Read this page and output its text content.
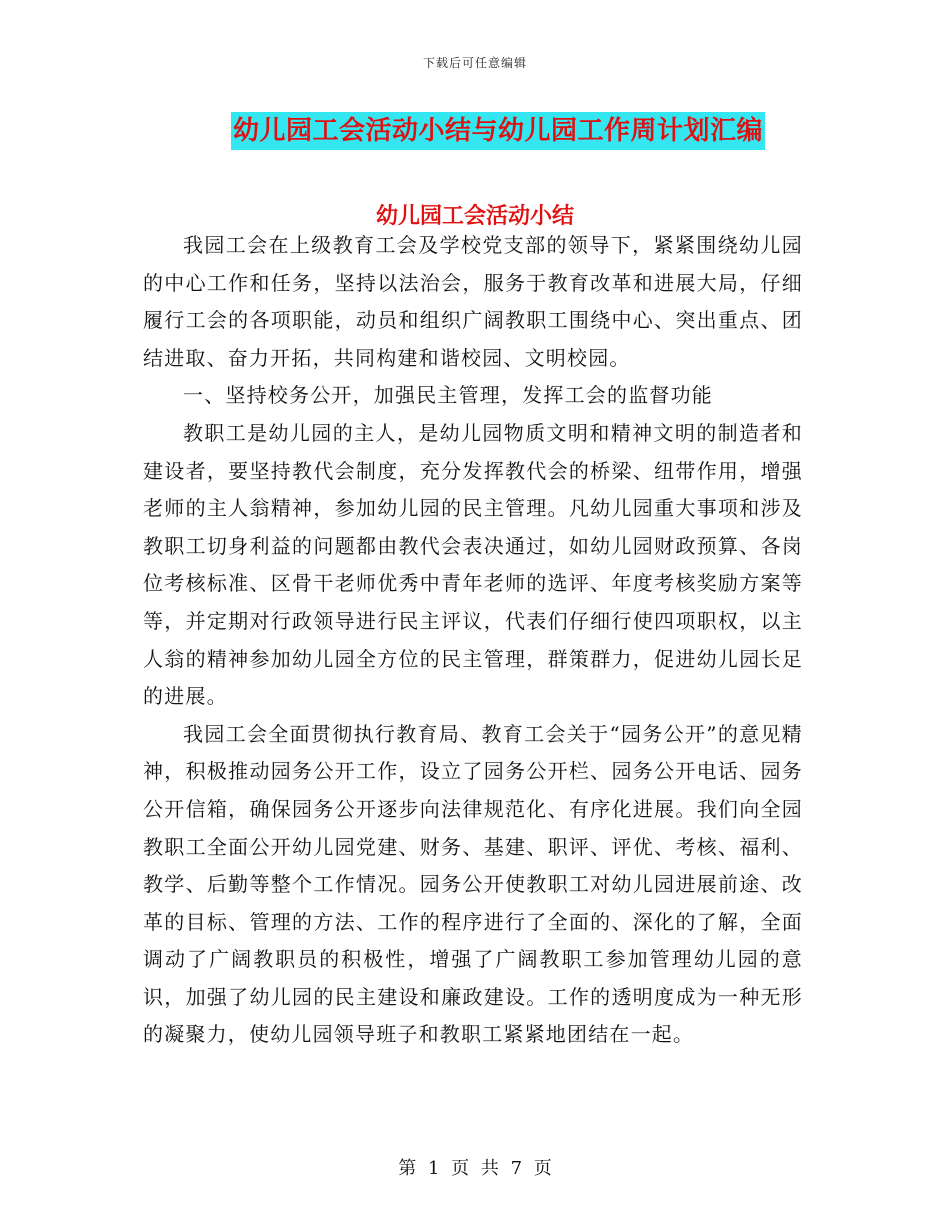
下载后可任意编辑
幼儿园工会活动小结与幼儿园工作周计划汇编
幼儿园工会活动小结

我园工会在上级教育工会及学校党支部的领导下，紧紧围绕幼儿园的中心工作和任务，坚持以法治会，服务于教育改革和进展大局，仔细履行工会的各项职能，动员和组织广阔教职工围绕中心、突出重点、团结进取、奋力开拓，共同构建和谐校园、文明校园。

一、坚持校务公开，加强民主管理，发挥工会的监督功能

教职工是幼儿园的主人，是幼儿园物质文明和精神文明的制造者和建设者，要坚持教代会制度，充分发挥教代会的桥梁、纽带作用，增强老师的主人翁精神，参加幼儿园的民主管理。凡幼儿园重大事项和涉及教职工切身利益的问题都由教代会表决通过，如幼儿园财政预算、各岗位考核标准、区骨干老师优秀中青年老师的选评、年度考核奖励方案等等，并定期对行政领导进行民主评议，代表们仔细行使四项职权，以主人翁的精神参加幼儿园全方位的民主管理，群策群力，促进幼儿园长足的进展。

我园工会全面贯彻执行教育局、教育工会关于“园务公开”的意见精神，积极推动园务公开工作，设立了园务公开栏、园务公开电话、园务公开信箱，确保园务公开逐步向法律规范化、有序化进展。我们向全园教职工全面公开幼儿园党建、财务、基建、职评、评优、考核、福利、教学、后勤等整个工作情况。园务公开使教职工对幼儿园进展前途、改革的目标、管理的方法、工作的程序进行了全面的、深化的了解，全面调动了广阔教职员的积极性，增强了广阔教职工参加管理幼儿园的意识，加强了幼儿园的民主建设和廉政建设。工作的透明度成为一种无形的凝聚力，使幼儿园领导班子和教职工紧紧地团结在一起。

第 1 页 共 7 页
